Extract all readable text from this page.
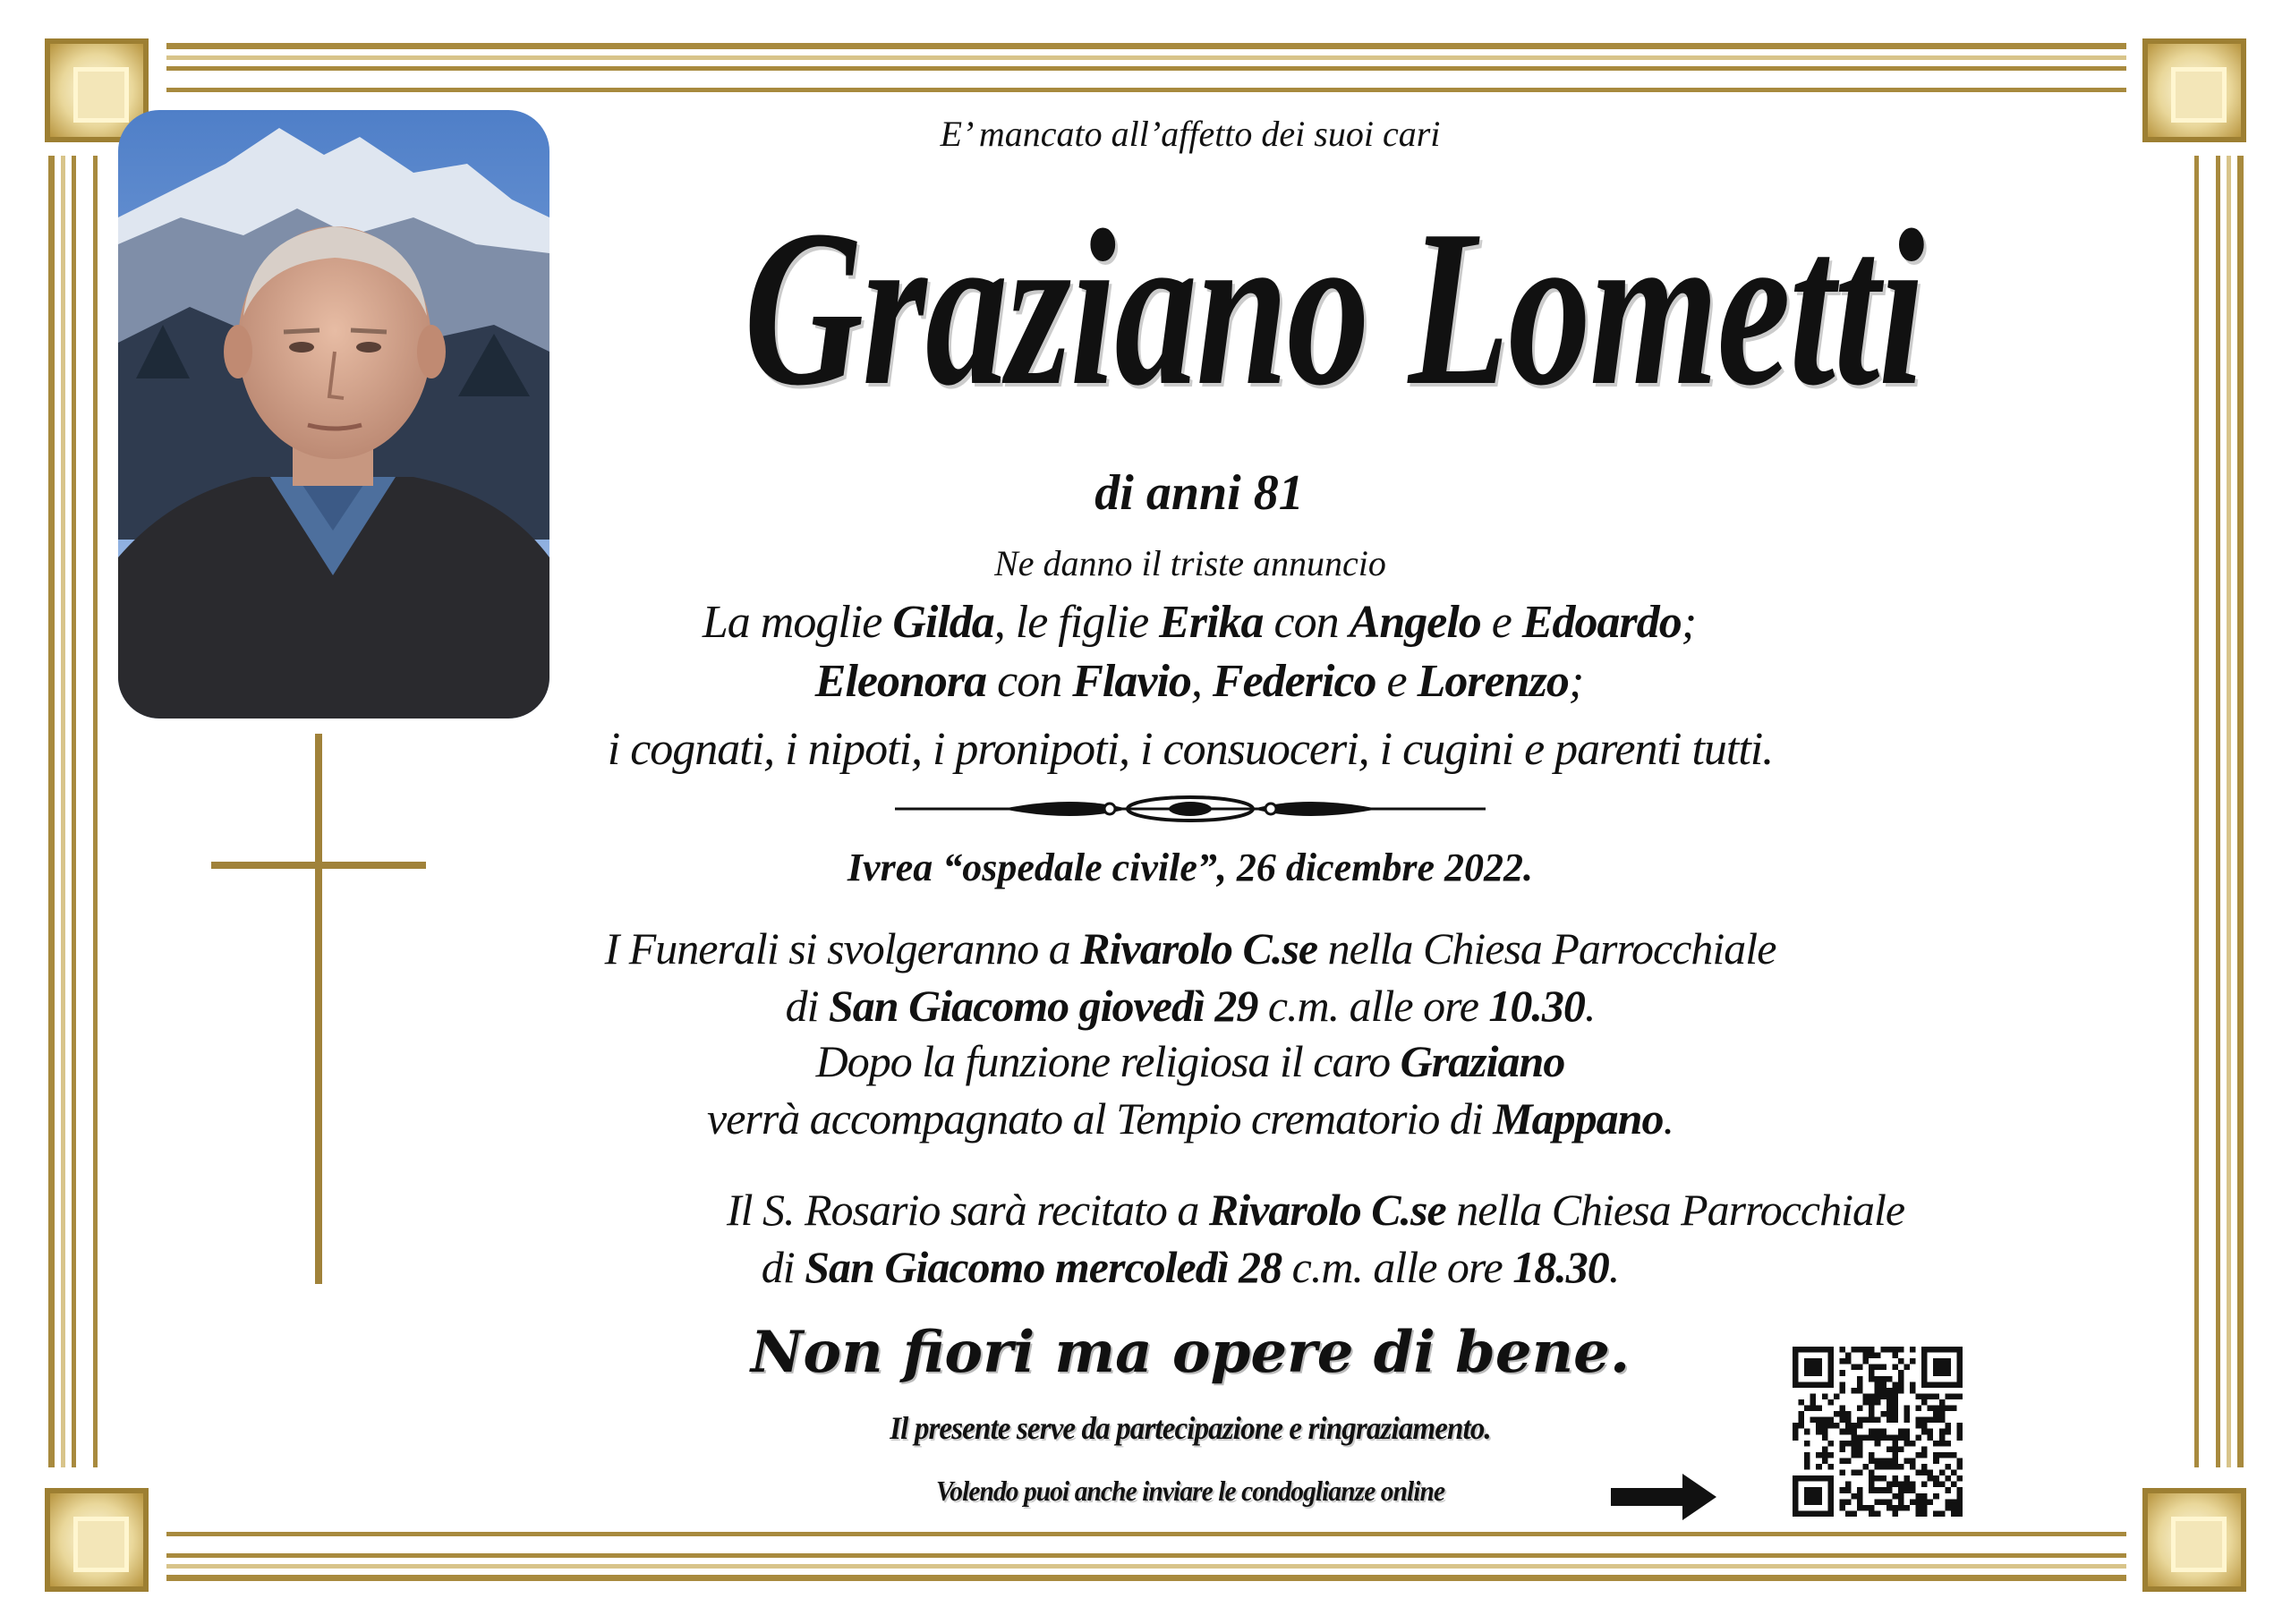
E’ mancato all’affetto dei suoi cari
Graziano Lometti
di anni 81
Ne danno il triste annuncio
La moglie Gilda, le figlie Erika con Angelo e Edoardo;
Eleonora con Flavio, Federico e Lorenzo;
i cognati, i nipoti, i pronipoti, i consuoceri, i cugini e parenti tutti.
Ivrea “ospedale civile”, 26 dicembre 2022.
I Funerali si svolgeranno a Rivarolo C.se nella Chiesa Parrocchiale
di San Giacomo giovedì 29 c.m. alle ore 10.30.
Dopo la funzione religiosa il caro Graziano
verrà accompagnato al Tempio crematorio di Mappano.
Il S. Rosario sarà recitato a Rivarolo C.se nella Chiesa Parrocchiale
di San Giacomo mercoledì 28 c.m. alle ore 18.30.
Non fiori ma opere di bene.
Il presente serve da partecipazione e ringraziamento.
Volendo puoi anche inviare le condoglianze online
